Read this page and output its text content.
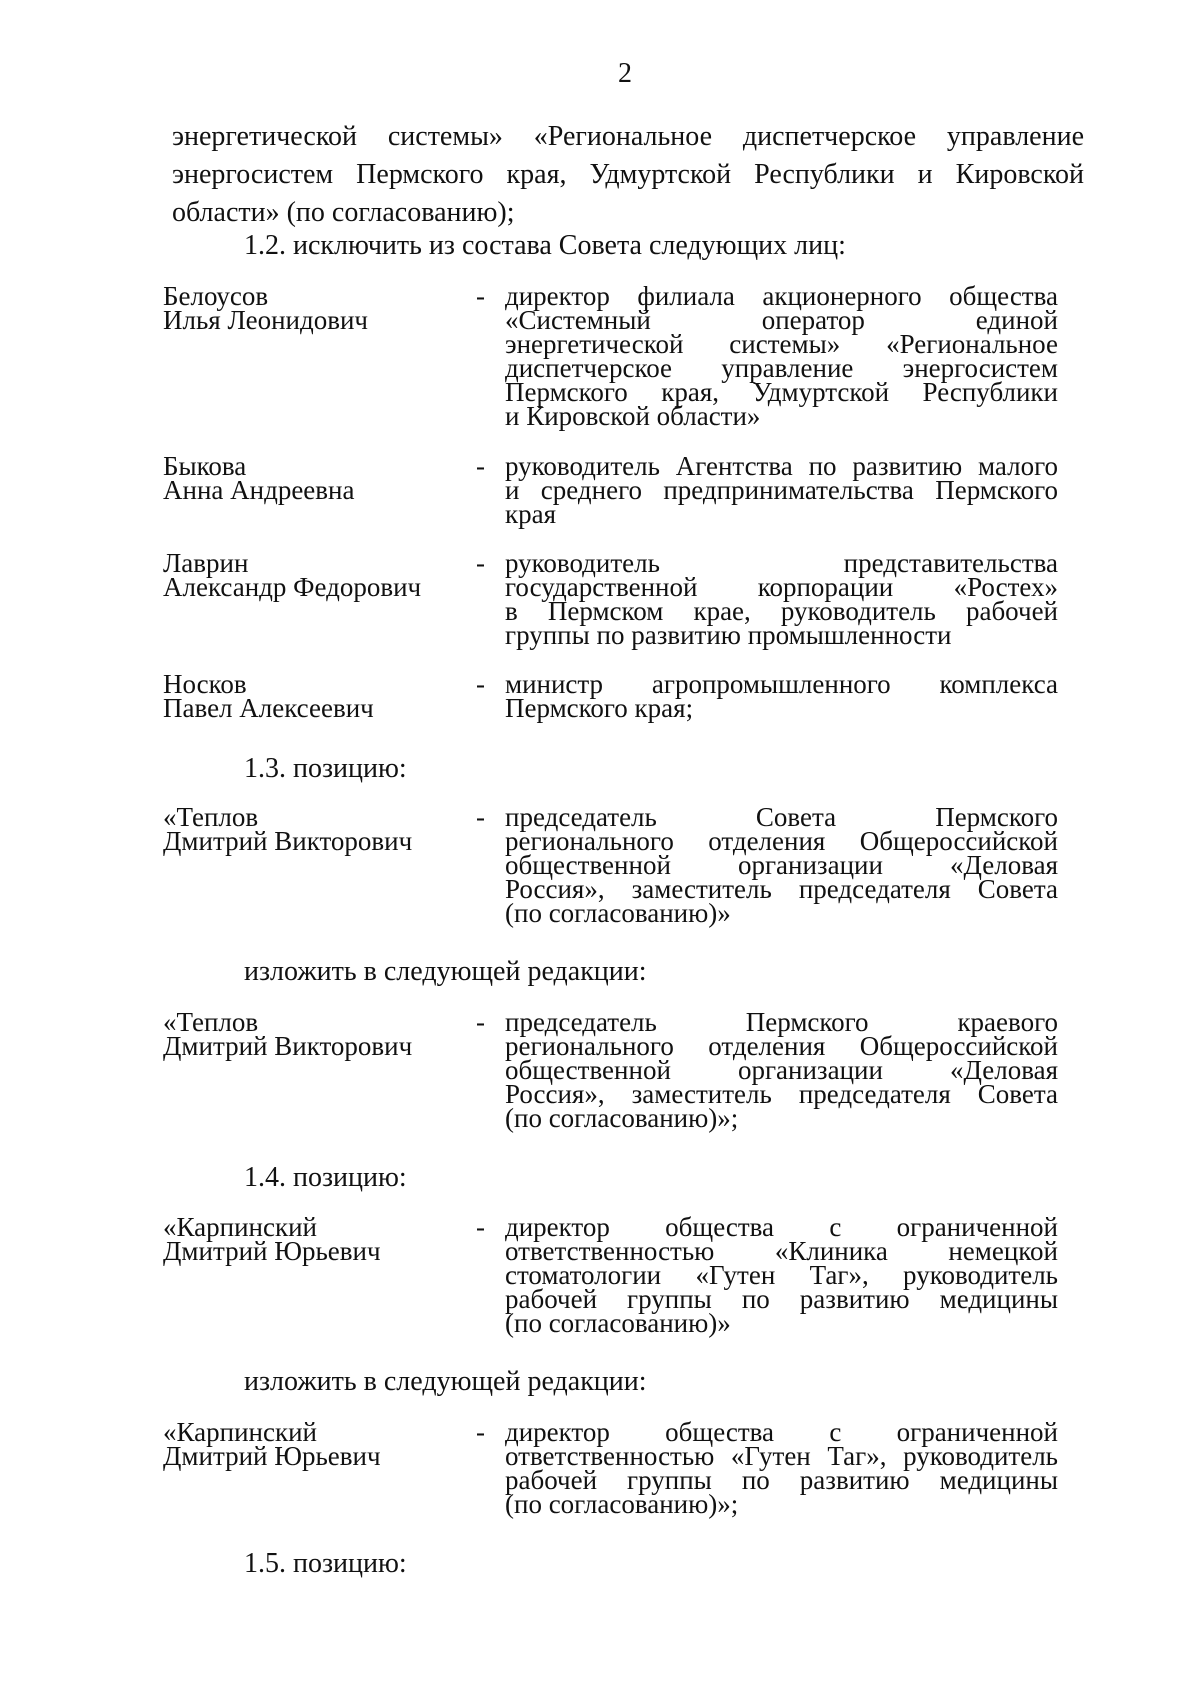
2
энергетической системы» «Региональное диспетчерское управление
энергосистем Пермского края, Удмуртской Республики и Кировской
области» (по согласованию);
1.2. исключить из состава Совета следующих лиц:
Белоусов
Илья Леонидович
- директор филиала акционерного общества
«Системный оператор единой
энергетической системы» «Региональное
диспетчерское управление энергосистем
Пермского края, Удмуртской Республики
и Кировской области»
Быкова
Анна Андреевна
- руководитель Агентства по развитию малого
и среднего предпринимательства Пермского
края
Лаврин
Александр Федорович
- руководитель представительства
государственной корпорации «Ростех»
в Пермском крае, руководитель рабочей
группы по развитию промышленности
Носков
Павел Алексеевич
- министр агропромышленного комплекса
Пермского края;
1.3. позицию:
«Теплов
Дмитрий Викторович
- председатель Совета Пермского
регионального отделения Общероссийской
общественной организации «Деловая
Россия», заместитель председателя Совета
(по согласованию)»
изложить в следующей редакции:
«Теплов
Дмитрий Викторович
- председатель Пермского краевого
регионального отделения Общероссийской
общественной организации «Деловая
Россия», заместитель председателя Совета
(по согласованию)»;
1.4. позицию:
«Карпинский
Дмитрий Юрьевич
- директор общества с ограниченной
ответственностью «Клиника немецкой
стоматологии «Гутен Таг», руководитель
рабочей группы по развитию медицины
(по согласованию)»
изложить в следующей редакции:
«Карпинский
Дмитрий Юрьевич
- директор общества с ограниченной
ответственностью «Гутен Таг», руководитель
рабочей группы по развитию медицины
(по согласованию)»;
1.5. позицию:
